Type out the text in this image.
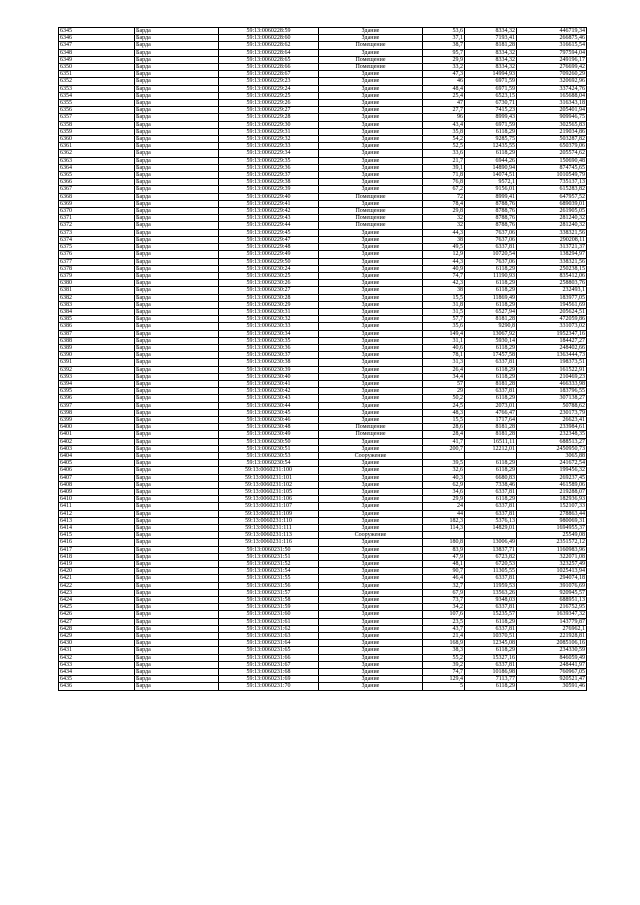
6345	Барда	59:13:0060228:59	Здание	53,6	8334,32	446719,34
6346	Барда	59:13:0060228:60	Здание	37,1	7193,41	266875,46
6347	Барда	59:13:0060228:62	Помещение	38,7	8181,28	316615,54
6348	Барда	59:13:0060228:64	Здание	95,7	8334,32	797594,04
6349	Барда	59:13:0060228:65	Помещение	29,9	8334,32	249196,17
6350	Барда	59:13:0060228:66	Помещение	33,2	8334,32	276699,42
6351	Барда	59:13:0060228:67	Здание	47,3	14994,93	709260,29
6352	Барда	59:13:0060229:23	Здание	46	6971,59	320692,96
6353	Барда	59:13:0060229:24	Здание	48,4	6971,59	337424,76
6354	Барда	59:13:0060229:25	Здание	25,4	6523,15	165688,04
6355	Барда	59:13:0060229:26	Здание	47	6730,71	316343,18
6356	Барда	59:13:0060229:27	Здание	27,7	7415,23	205401,94
6357	Барда	59:13:0060229:28	Здание	96	8999,43	909946,75
6358	Барда	59:13:0060229:30	Здание	43,4	6971,59	302565,83
6359	Барда	59:13:0060229:31	Здание	35,8	6118,29	219034,86
6360	Барда	59:13:0060229:32	Здание	54,2	9285,75	503287,82
6361	Барда	59:13:0060229:33	Здание	52,5	12435,55	650379,06
6362	Барда	59:13:0060229:34	Здание	33,6	6118,29	205574,62
6363	Барда	59:13:0060229:35	Здание	21,7	6944,26	150690,48
6364	Барда	59:13:0060229:36	Здание	39,1	14890,94	874745,65
6365	Барда	59:13:0060229:37	Здание	71,8	14074,51	1010549,79
6366	Барда	59:13:0060229:38	Здание	76,8	9572,1	735137,13
6367	Барда	59:13:0060229:39	Здание	67,2	9156,01	615283,82
6368	Барда	59:13:0060229:40	Помещение	72	8999,41	647957,52
6369	Барда	59:13:0060229:41	Здание	78,4	8788,76	689039,01
6370	Барда	59:13:0060229:42	Помещение	29,8	8788,76	261905,05
6371	Барда	59:13:0060229:43	Помещение	32	8788,76	281240,32
6372	Барда	59:13:0060229:44	Помещение	32	8788,76	281240,32
6373	Барда	59:13:0060229:45	Здание	44,3	7637,06	338321,56
6374	Барда	59:13:0060229:47	Здание	38	7637,06	290208,11
6375	Барда	59:13:0060229:48	Здание	49,5	6337,81	313721,37
6376	Барда	59:13:0060229:49	Здание	12,9	10720,54	138294,97
6377	Барда	59:13:0060229:50	Здание	44,3	7637,06	338321,56
6378	Барда	59:13:0060230:24	Здание	40,9	6118,29	250238,15
6379	Барда	59:13:0060230:25	Здание	74,7	11190,93	835412,06
6380	Барда	59:13:0060230:26	Здание	42,3	6118,29	258803,76
6381	Барда	59:13:0060230:27	Здание	38	6118,29	232493,1
6382	Барда	59:13:0060230:28	Здание	15,5	11869,49	183977,05
6383	Барда	59:13:0060230:29	Здание	31,8	6118,29	194561,69
6384	Барда	59:13:0060230:31	Здание	31,5	6527,94	205624,51
6385	Барда	59:13:0060230:32	Здание	57,7	8181,28	472059,86
6386	Барда	59:13:0060230:33	Здание	35,6	9290,8	331073,02
6387	Барда	59:13:0060230:34	Здание	149,4	13067,92	1952347,16
6388	Барда	59:13:0060230:35	Здание	31,1	5930,14	184427,27
6389	Барда	59:13:0060230:36	Здание	40,6	6118,29	248402,66
6390	Барда	59:13:0060230:37	Здание	78,1	17457,58	1363444,73
6391	Барда	59:13:0060230:38	Здание	31,3	6337,81	198373,51
6392	Барда	59:13:0060230:39	Здание	26,4	6118,29	161522,91
6393	Барда	59:13:0060230:40	Здание	34,4	6118,29	210469,23
6394	Барда	59:13:0060230:41	Здание	57	8181,28	466333,98
6395	Барда	59:13:0060230:42	Здание	29	6337,81	183796,55
6396	Барда	59:13:0060230:43	Здание	50,2	6118,29	307138,27
6397	Барда	59:13:0060230:44	Здание	24,5	2073,01	50788,62
6398	Барда	59:13:0060230:45	Здание	48,3	4766,47	230173,79
6399	Барда	59:13:0060230:46	Здание	15,5	1717,64	26623,41
6400	Барда	59:13:0060230:48	Помещение	28,6	8181,28	233984,61
6401	Барда	59:13:0060230:49	Помещение	28,4	8181,28	232348,35
6402	Барда	59:13:0060230:50	Здание	41,7	16511,11	688513,27
6403	Барда	59:13:0060230:51	Здание	200,7	12212,01	2450950,73
6404	Барда	59:13:0060230:53	Сооружение			3065,88
6405	Барда	59:13:0060230:54	Здание	39,5	6118,29	241672,54
6406	Барда	59:13:0060231:100	Здание	32,6	6118,29	199456,32
6407	Барда	59:13:0060231:101	Здание	40,3	6680,83	269237,45
6408	Барда	59:13:0060231:102	Здание	62,9	7338,46	461589,06
6409	Барда	59:13:0060231:105	Здание	34,6	6337,81	219288,07
6410	Барда	59:13:0060231:106	Здание	29,9	6118,29	182936,93
6411	Барда	59:13:0060231:107	Здание	24	6337,81	152107,33
6412	Барда	59:13:0060231:109	Здание	44	6337,81	278863,44
6413	Барда	59:13:0060231:110	Здание	182,3	5376,13	980069,31
6414	Барда	59:13:0060231:111	Здание	114,3	14829,01	1694955,37
6415	Барда	59:13:0060231:113	Сооружение			25549,08
6416	Барда	59:13:0060231:116	Здание	180,8	13006,49	2351572,12
6417	Барда	59:13:0060231:50	Здание	83,9	13837,71	1160983,96
6418	Барда	59:13:0060231:51	Здание	47,9	6723,82	322071,08
6419	Барда	59:13:0060231:52	Здание	48,1	6720,53	323257,49
6420	Барда	59:13:0060231:54	Здание	90,7	11305,55	1025413,94
6421	Барда	59:13:0060231:55	Здание	46,4	6337,81	294074,18
6422	Барда	59:13:0060231:56	Здание	32,7	11959,53	391076,69
6423	Барда	59:13:0060231:57	Здание	67,9	13563,26	920945,57
6424	Барда	59:13:0060231:58	Здание	73,7	9348,03	688951,13
6425	Барда	59:13:0060231:59	Здание	34,2	6337,81	216752,95
6426	Барда	59:13:0060231:60	Здание	107,6	15235,57	1639347,32
6427	Барда	59:13:0060231:61	Здание	23,5	6118,29	143779,87
6428	Барда	59:13:0060231:62	Здание	43,7	6337,81	276962,1
6429	Барда	59:13:0060231:63	Здание	21,4	10370,51	221928,81
6430	Барда	59:13:0060231:64	Здание	168,9	12345,08	2085106,16
6431	Барда	59:13:0060231:65	Здание	38,3	6118,29	234330,59
6432	Барда	59:13:0060231:66	Здание	55,2	15327,16	846059,49
6433	Барда	59:13:0060231:67	Здание	39,2	6337,81	248441,97
6434	Барда	59:13:0060231:68	Здание	74,7	10186,98	760967,05
6435	Барда	59:13:0060231:69	Здание	129,4	7113,77	920521,47
6436	Барда	59:13:0060231:70	Здание	5	6118,29	30591,46
